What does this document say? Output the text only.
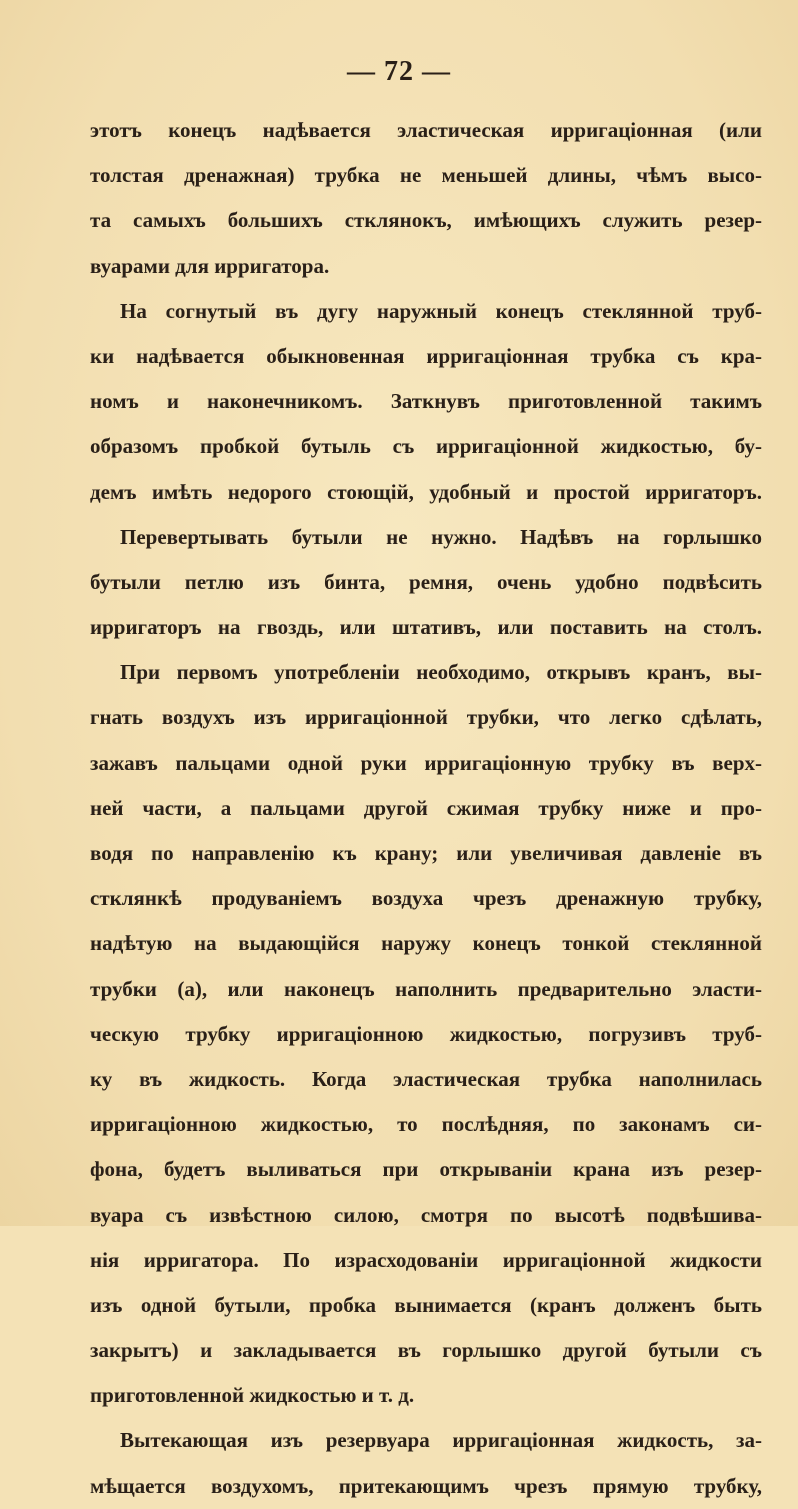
— 72 —
этотъ конецъ надѣвается эластическая ирригаціонная (или
толстая дренажная) трубка не меньшей длины, чѣмъ высо-
та самыхъ большихъ стклянокъ, имѣющихъ служить резер-
вуарами для ирригатора.
На согнутый въ дугу наружный конецъ стеклянной труб-
ки надѣвается обыкновенная ирригаціонная трубка съ кра-
номъ и наконечникомъ. Заткнувъ приготовленной такимъ
образомъ пробкой бутыль съ ирригаціонной жидкостью, бу-
демъ имѣть недорого стоющій, удобный и простой ирригаторъ.
Перевертывать бутыли не нужно. Надѣвъ на горлышко
бутыли петлю изъ бинта, ремня, очень удобно подвѣсить
ирригаторъ на гвоздь, или штативъ, или поставить на столъ.
При первомъ употребленіи необходимо, открывъ кранъ, вы-
гнать воздухъ изъ ирригаціонной трубки, что легко сдѣлать,
зажавъ пальцами одной руки ирригаціонную трубку въ верх-
ней части, а пальцами другой сжимая трубку ниже и про-
водя по направленію къ крану; или увеличивая давленіе въ
стклянкѣ продуваніемъ воздуха чрезъ дренажную трубку,
надѣтую на выдающійся наружу конецъ тонкой стеклянной
трубки (a), или наконецъ наполнить предварительно эласти-
ческую трубку ирригаціонною жидкостью, погрузивъ труб-
ку въ жидкость. Когда эластическая трубка наполнилась
ирригаціонною жидкостью, то послѣдняя, по законамъ си-
фона, будетъ выливаться при открываніи крана изъ резер-
вуара съ извѣстною силою, смотря по высотѣ подвѣшива-
нія ирригатора. По израсходованіи ирригаціонной жидкости
изъ одной бутыли, пробка вынимается (кранъ долженъ быть
закрытъ) и закладывается въ горлышко другой бутыли съ
приготовленной жидкостью и т. д.
Вытекающая изъ резервуара ирригаціонная жидкость, за-
мѣщается воздухомъ, притекающимъ чрезъ прямую трубку,
